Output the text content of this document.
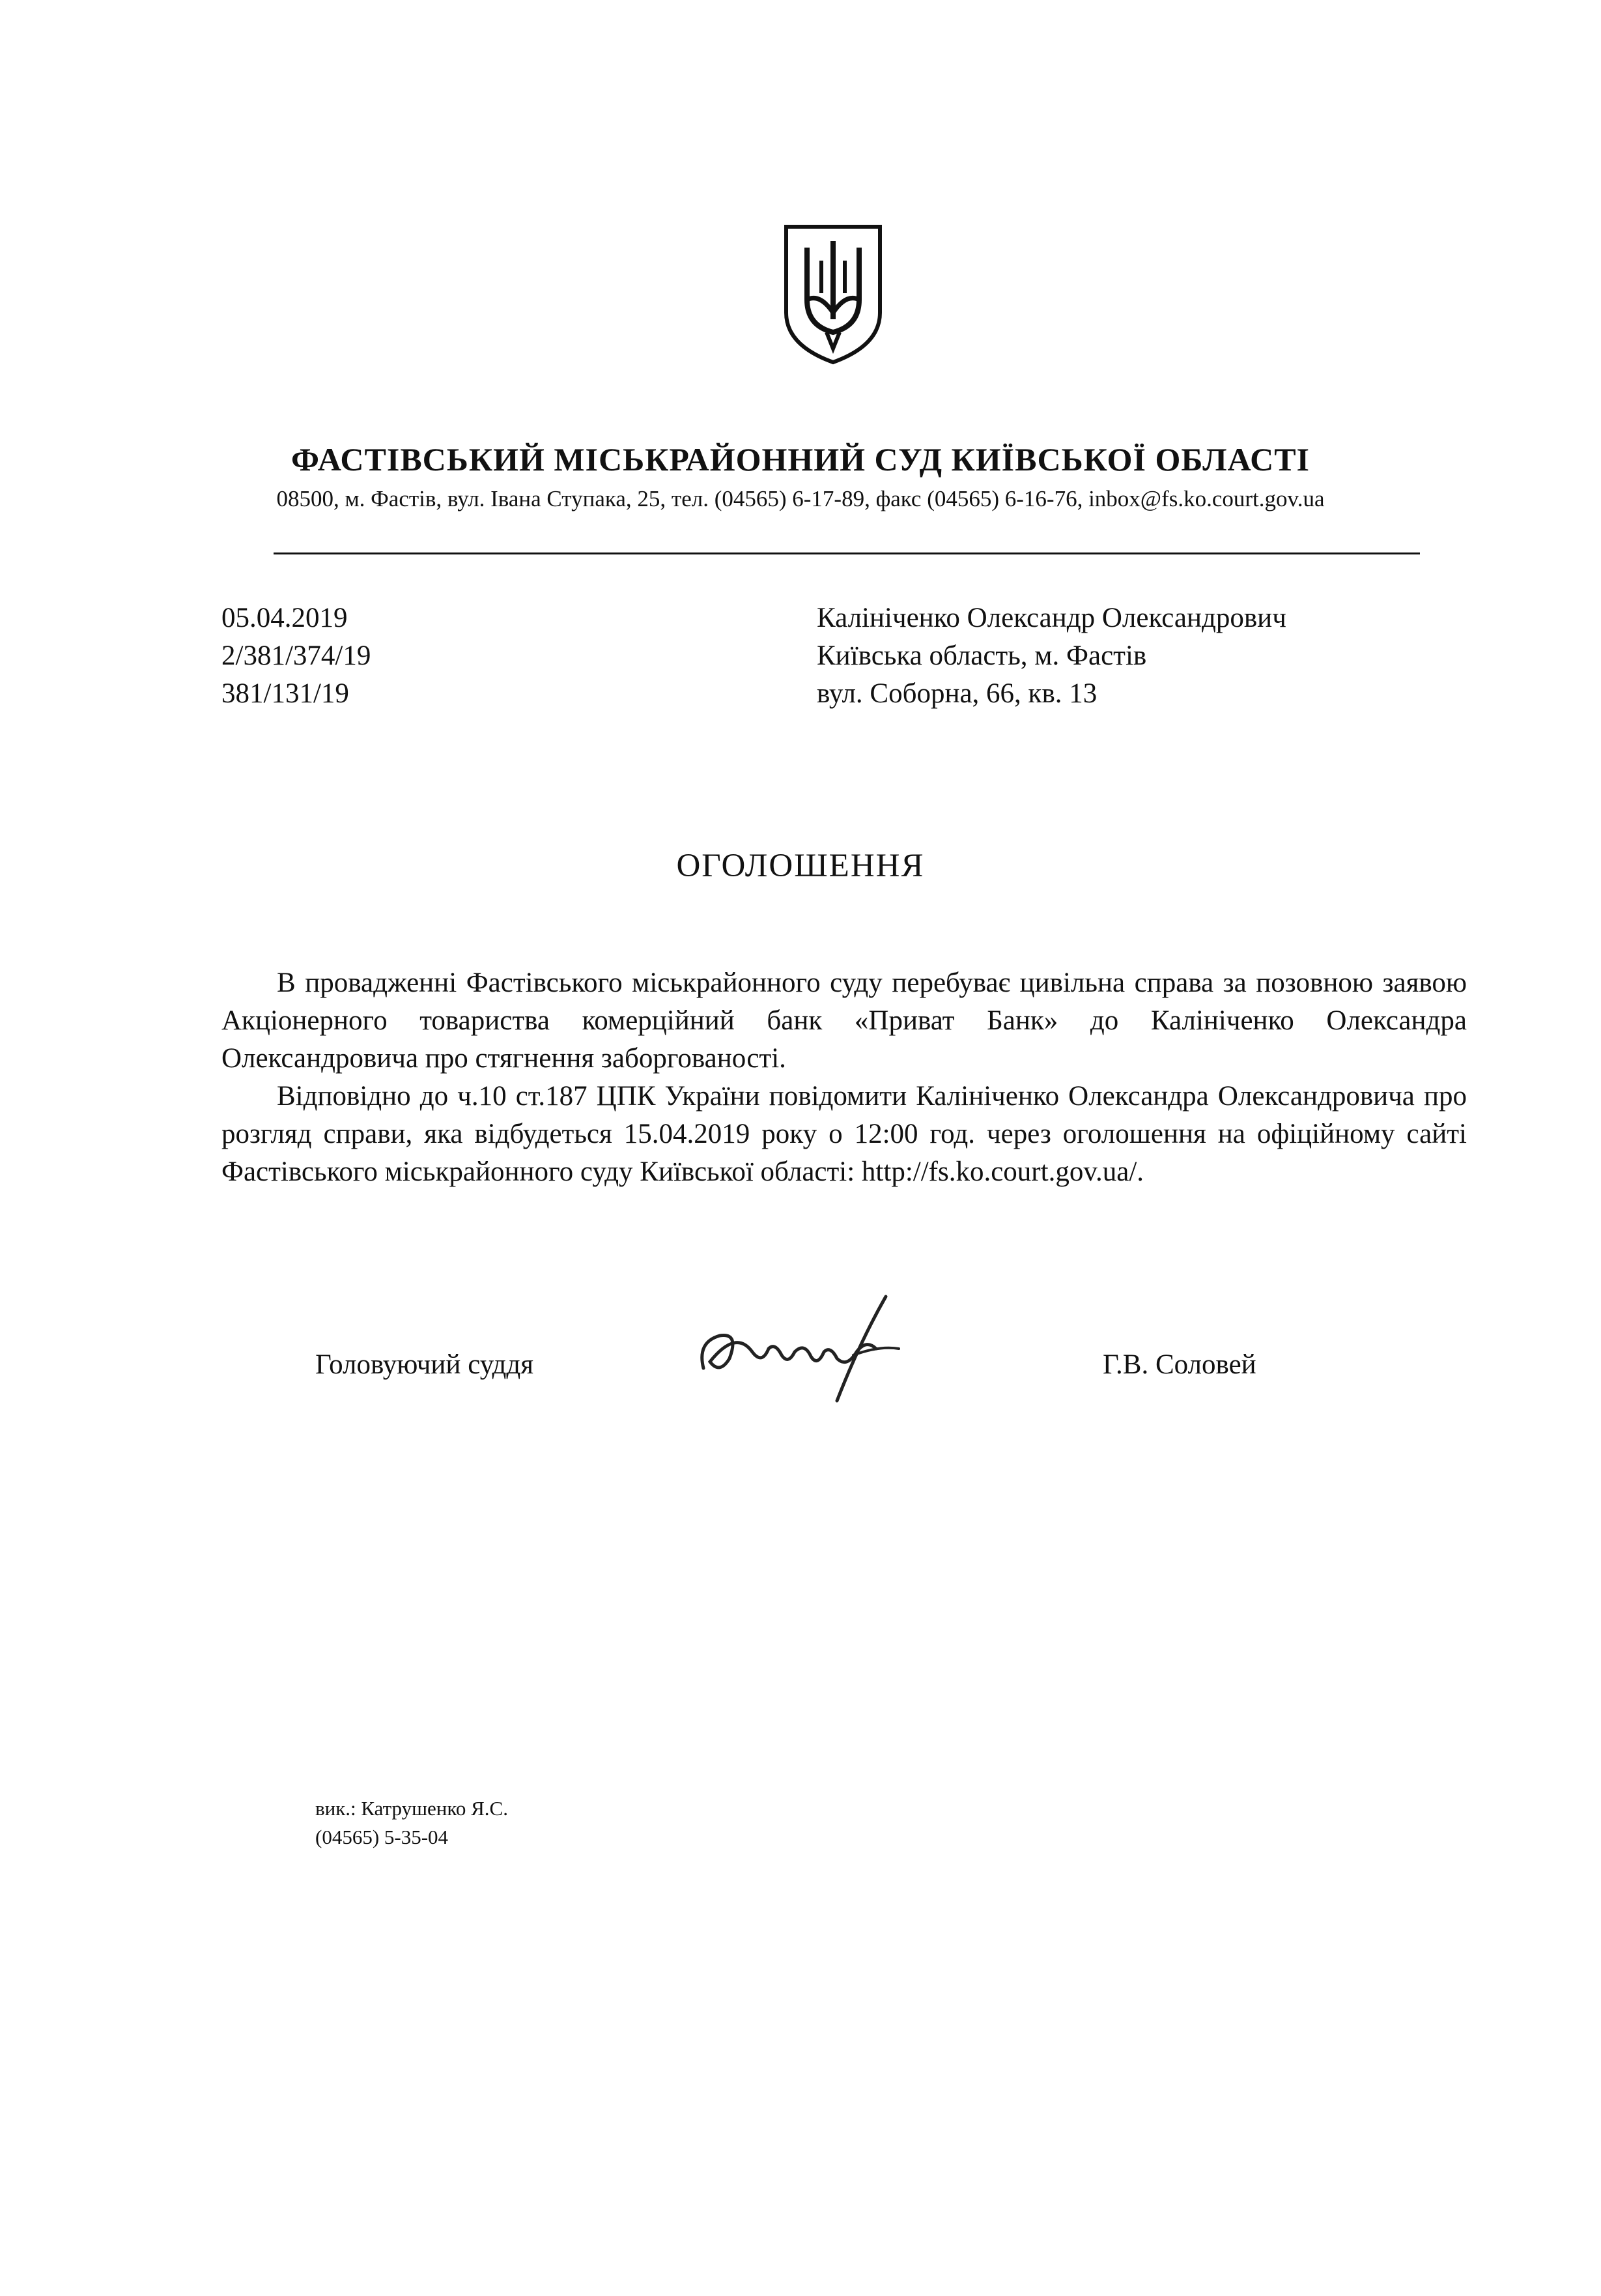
ФАСТІВСЬКИЙ МІСЬКРАЙОННИЙ СУД КИЇВСЬКОЇ ОБЛАСТІ
08500, м. Фастів, вул. Івана Ступака, 25, тел. (04565) 6-17-89, факс (04565) 6-16-76, inbox@fs.ko.court.gov.ua
05.04.2019
2/381/374/19
381/131/19
Калініченко Олександр Олександрович
Київська область, м. Фастів
вул. Соборна, 66, кв. 13
ОГОЛОШЕННЯ

В провадженні Фастівського міськрайонного суду перебуває цивільна справа за позовною заявою Акціонерного товариства комерційний банк «Приват Банк» до Калініченко Олександра Олександровича про стягнення заборгованості.

Відповідно до ч.10 ст.187 ЦПК України повідомити Калініченко Олександра Олександровича про розгляд справи, яка відбудеться 15.04.2019 року о 12:00 год. через оголошення на офіційному сайті Фастівського міськрайонного суду Київської області: http://fs.ko.court.gov.ua/.

Головуючий суддя	Г.В. Соловей
вик.: Катрушенко Я.С.
(04565) 5-35-04
